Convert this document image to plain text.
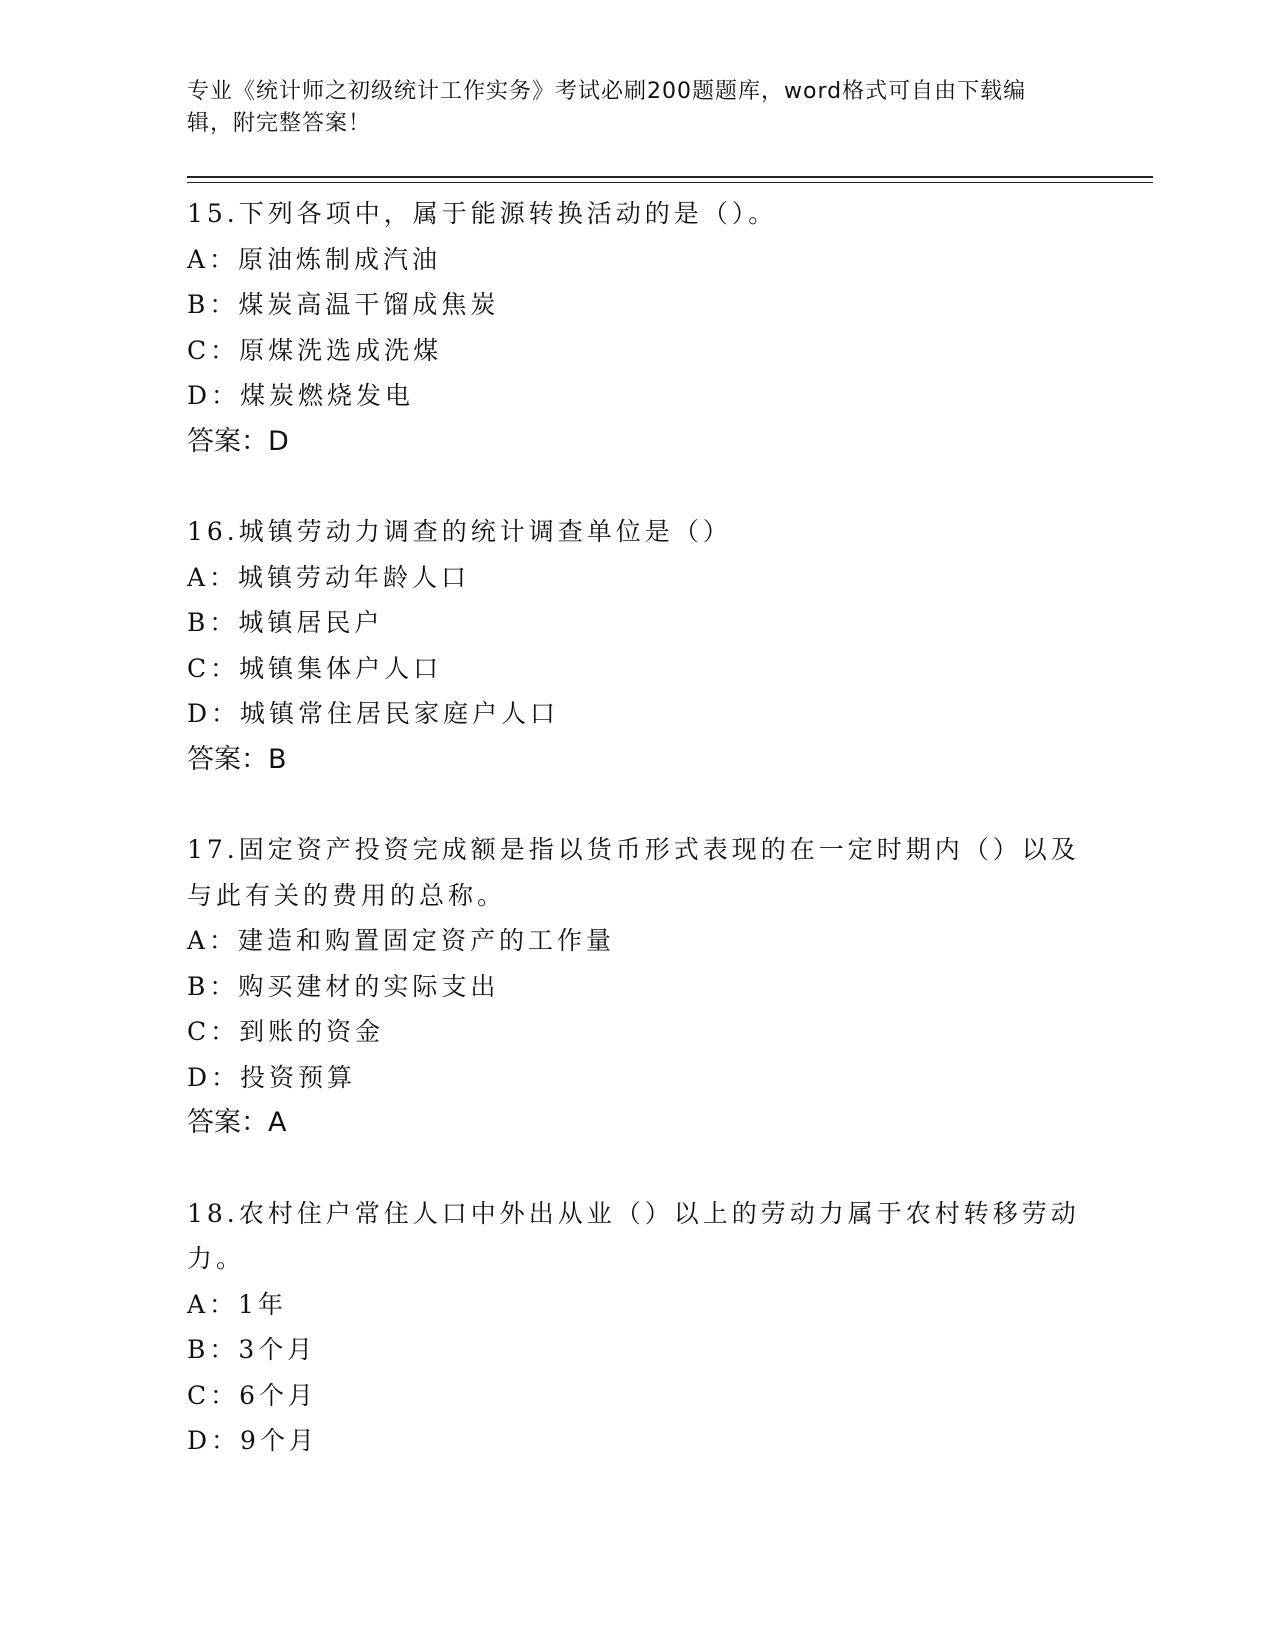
专业《统计师之初级统计工作实务》考试必刷200题题库，word格式可自由下载编辑，附完整答案！
15.下列各项中，属于能源转换活动的是（）。
A：原油炼制成汽油
B：煤炭高温干馏成焦炭
C：原煤洗选成洗煤
D：煤炭燃烧发电
答案：D
16.城镇劳动力调查的统计调查单位是（）
A：城镇劳动年龄人口
B：城镇居民户
C：城镇集体户人口
D：城镇常住居民家庭户人口
答案：B
17.固定资产投资完成额是指以货币形式表现的在一定时期内（）以及与此有关的费用的总称。
A：建造和购置固定资产的工作量
B：购买建材的实际支出
C：到账的资金
D：投资预算
答案：A
18.农村住户常住人口中外出从业（）以上的劳动力属于农村转移劳动力。
A：1年
B：3个月
C：6个月
D：9个月
